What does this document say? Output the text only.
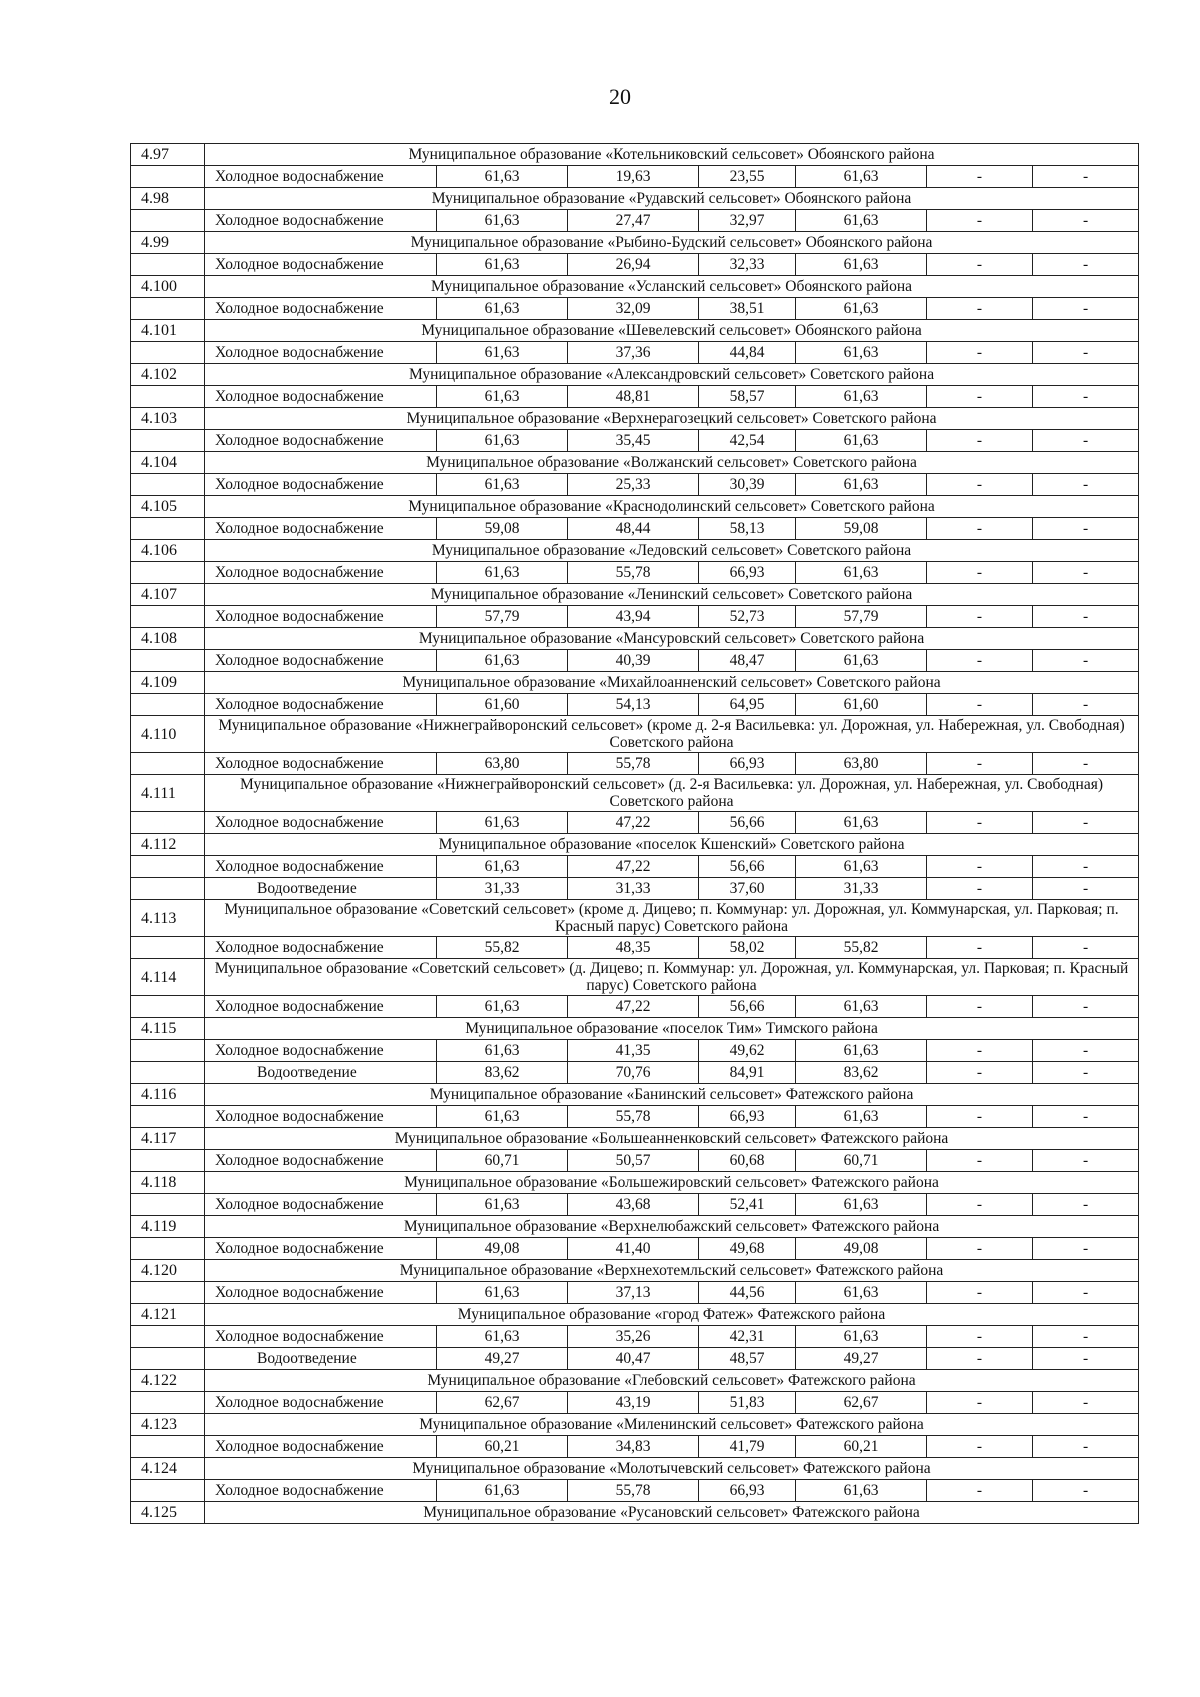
20
4.97	Муниципальное образование «Котельниковский сельсовет» Обоянского района						
	Холодное водоснабжение	61,63	19,63	23,55	61,63	-	-
4.98	Муниципальное образование «Рудавский сельсовет» Обоянского района						
	Холодное водоснабжение	61,63	27,47	32,97	61,63	-	-
4.99	Муниципальное образование «Рыбино-Будский сельсовет» Обоянского района						
	Холодное водоснабжение	61,63	26,94	32,33	61,63	-	-
4.100	Муниципальное образование «Усланский сельсовет» Обоянского района						
	Холодное водоснабжение	61,63	32,09	38,51	61,63	-	-
4.101	Муниципальное образование «Шевелевский сельсовет» Обоянского района						
	Холодное водоснабжение	61,63	37,36	44,84	61,63	-	-
4.102	Муниципальное образование «Александровский сельсовет» Советского района						
	Холодное водоснабжение	61,63	48,81	58,57	61,63	-	-
4.103	Муниципальное образование «Верхнерагозецкий сельсовет» Советского района						
	Холодное водоснабжение	61,63	35,45	42,54	61,63	-	-
4.104	Муниципальное образование «Волжанский сельсовет» Советского района						
	Холодное водоснабжение	61,63	25,33	30,39	61,63	-	-
4.105	Муниципальное образование «Краснодолинский сельсовет» Советского района						
	Холодное водоснабжение	59,08	48,44	58,13	59,08	-	-
4.106	Муниципальное образование «Ледовский сельсовет» Советского района						
	Холодное водоснабжение	61,63	55,78	66,93	61,63	-	-
4.107	Муниципальное образование «Ленинский сельсовет» Советского района						
	Холодное водоснабжение	57,79	43,94	52,73	57,79	-	-
4.108	Муниципальное образование «Мансуровский сельсовет» Советского района						
	Холодное водоснабжение	61,63	40,39	48,47	61,63	-	-
4.109	Муниципальное образование «Михайлоанненский сельсовет» Советского района						
	Холодное водоснабжение	61,60	54,13	64,95	61,60	-	-
4.110	Муниципальное образование «Нижнеграйворонский сельсовет» (кроме д. 2-я Васильевка: ул. Дорожная, ул. Набережная, ул. Свободная) Советского района						
	Холодное водоснабжение	63,80	55,78	66,93	63,80	-	-
4.111	Муниципальное образование «Нижнеграйворонский сельсовет» (д. 2-я Васильевка: ул. Дорожная, ул. Набережная, ул. Свободная) Советского района						
	Холодное водоснабжение	61,63	47,22	56,66	61,63	-	-
4.112	Муниципальное образование «поселок Кшенский» Советского района						
	Холодное водоснабжение	61,63	47,22	56,66	61,63	-	-
	Водоотведение	31,33	31,33	37,60	31,33	-	-
4.113	Муниципальное образование «Советский сельсовет» (кроме д. Дицево; п. Коммунар: ул. Дорожная, ул. Коммунарская, ул. Парковая; п. Красный парус) Советского района						
	Холодное водоснабжение	55,82	48,35	58,02	55,82	-	-
4.114	Муниципальное образование «Советский сельсовет» (д. Дицево; п. Коммунар: ул. Дорожная, ул. Коммунарская, ул. Парковая; п. Красный парус) Советского района						
	Холодное водоснабжение	61,63	47,22	56,66	61,63	-	-
4.115	Муниципальное образование «поселок Тим» Тимского района						
	Холодное водоснабжение	61,63	41,35	49,62	61,63	-	-
	Водоотведение	83,62	70,76	84,91	83,62	-	-
4.116	Муниципальное образование «Банинский сельсовет» Фатежского района						
	Холодное водоснабжение	61,63	55,78	66,93	61,63	-	-
4.117	Муниципальное образование «Большеанненковский сельсовет» Фатежского района						
	Холодное водоснабжение	60,71	50,57	60,68	60,71	-	-
4.118	Муниципальное образование «Большежировский сельсовет» Фатежского района						
	Холодное водоснабжение	61,63	43,68	52,41	61,63	-	-
4.119	Муниципальное образование «Верхнелюбажский сельсовет» Фатежского района						
	Холодное водоснабжение	49,08	41,40	49,68	49,08	-	-
4.120	Муниципальное образование «Верхнехотемльский сельсовет» Фатежского района						
	Холодное водоснабжение	61,63	37,13	44,56	61,63	-	-
4.121	Муниципальное образование «город Фатеж» Фатежского района						
	Холодное водоснабжение	61,63	35,26	42,31	61,63	-	-
	Водоотведение	49,27	40,47	48,57	49,27	-	-
4.122	Муниципальное образование «Глебовский сельсовет» Фатежского района						
	Холодное водоснабжение	62,67	43,19	51,83	62,67	-	-
4.123	Муниципальное образование «Миленинский сельсовет» Фатежского района						
	Холодное водоснабжение	60,21	34,83	41,79	60,21	-	-
4.124	Муниципальное образование «Молотычевский сельсовет» Фатежского района						
	Холодное водоснабжение	61,63	55,78	66,93	61,63	-	-
4.125	Муниципальное образование «Русановский сельсовет» Фатежского района						
